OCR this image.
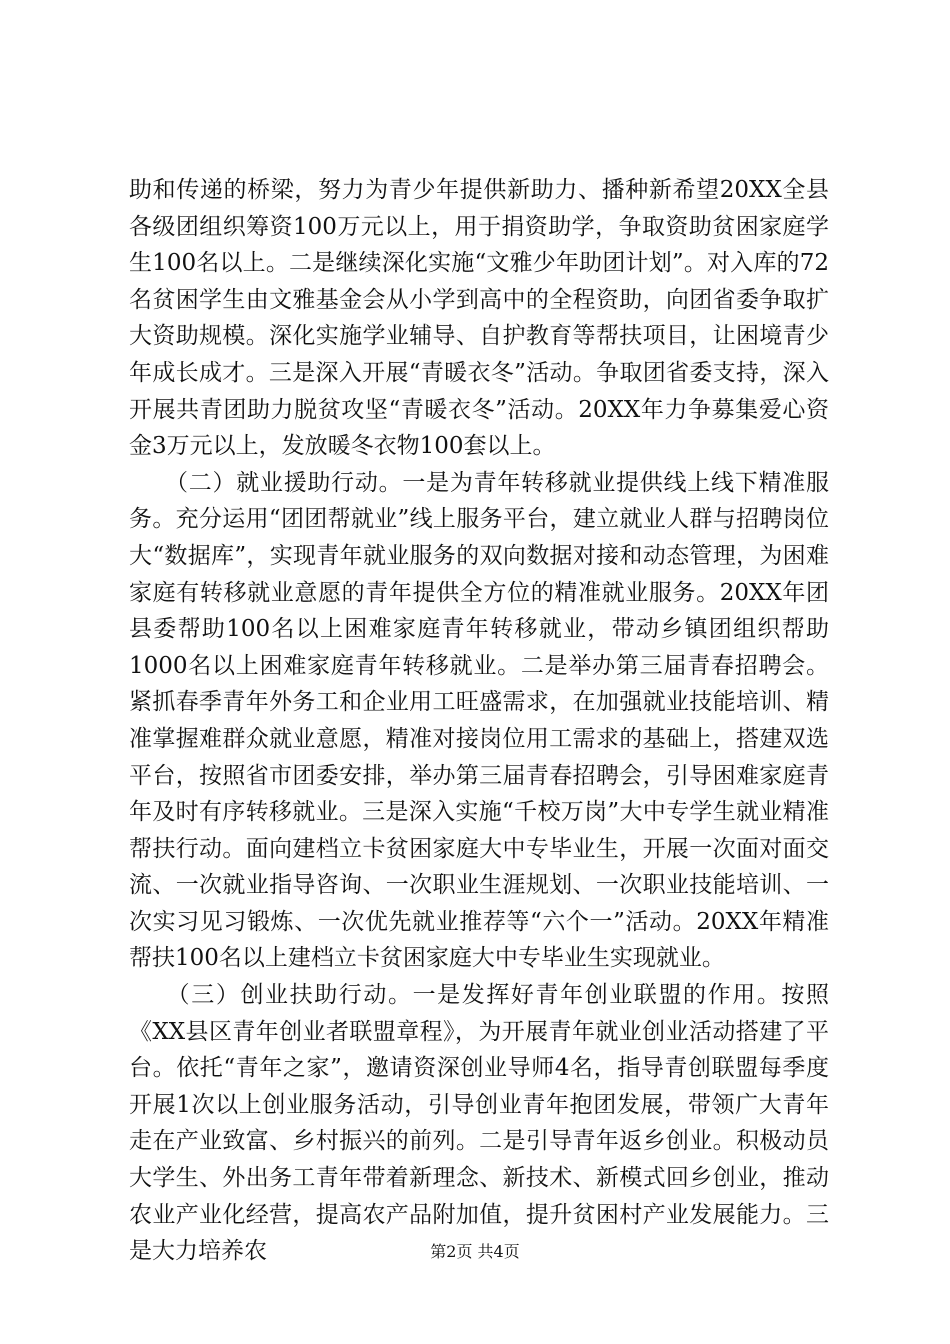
助和传递的桥梁，努力为青少年提供新助力、播种新希望20XX全县各级团组织筹资100万元以上，用于捐资助学，争取资助贫困家庭学生100名以上。二是继续深化实施“文雅少年助团计划”。对入库的72名贫困学生由文雅基金会从小学到高中的全程资助，向团省委争取扩大资助规模。深化实施学业辅导、自护教育等帮扶项目，让困境青少年成长成才。三是深入开展“青暖衣冬”活动。争取团省委支持，深入开展共青团助力脱贫攻坚“青暖衣冬”活动。20XX年力争募集爱心资金3万元以上，发放暖冬衣物100套以上。

　　（二）就业援助行动。一是为青年转移就业提供线上线下精准服务。充分运用“团团帮就业”线上服务平台，建立就业人群与招聘岗位大“数据库”，实现青年就业服务的双向数据对接和动态管理，为困难家庭有转移就业意愿的青年提供全方位的精准就业服务。20XX年团县委帮助100名以上困难家庭青年转移就业，带动乡镇团组织帮助1000名以上困难家庭青年转移就业。二是举办第三届青春招聘会。紧抓春季青年外务工和企业用工旺盛需求，在加强就业技能培训、精准掌握难群众就业意愿，精准对接岗位用工需求的基础上，搭建双选平台，按照省市团委安排，举办第三届青春招聘会，引导困难家庭青年及时有序转移就业。三是深入实施“千校万岗”大中专学生就业精准帮扶行动。面向建档立卡贫困家庭大中专毕业生，开展一次面对面交流、一次就业指导咨询、一次职业生涯规划、一次职业技能培训、一次实习见习锻炼、一次优先就业推荐等“六个一”活动。20XX年精准帮扶100名以上建档立卡贫困家庭大中专毕业生实现就业。

　　（三）创业扶助行动。一是发挥好青年创业联盟的作用。按照《XX县区青年创业者联盟章程》，为开展青年就业创业活动搭建了平台。依托“青年之家”，邀请资深创业导师4名，指导青创联盟每季度开展1次以上创业服务活动，引导创业青年抱团发展，带领广大青年走在产业致富、乡村振兴的前列。二是引导青年返乡创业。积极动员大学生、外出务工青年带着新理念、新技术、新模式回乡创业，推动农业产业化经营，提高农产品附加值，提升贫困村产业发展能力。三是大力培养农	第2页 共4页
